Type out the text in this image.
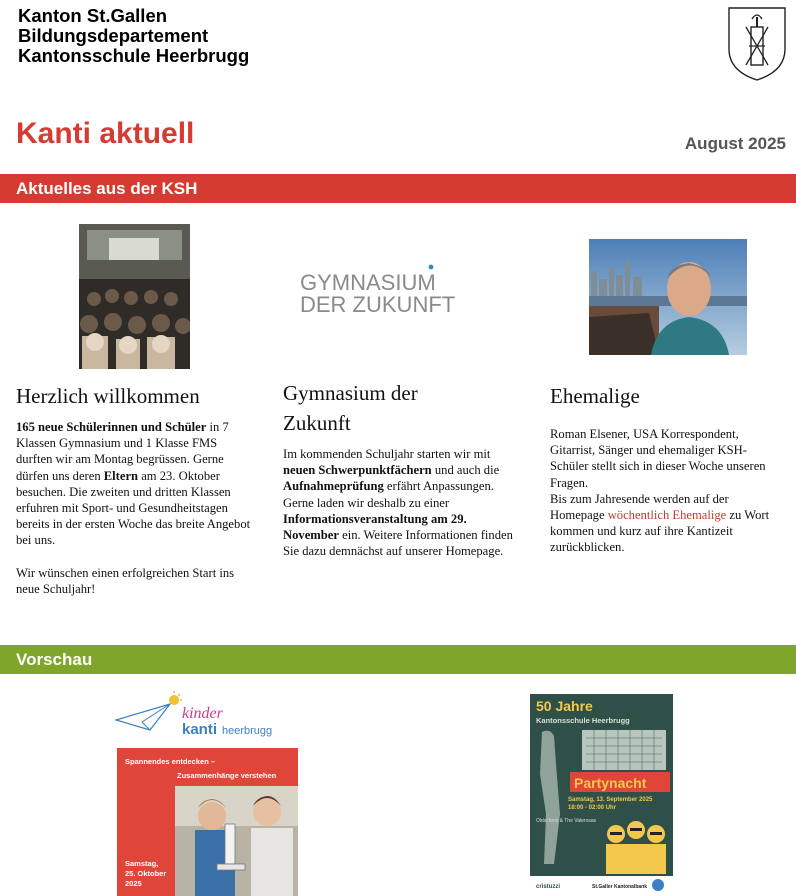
Kanton St.Gallen
Bildungsdepartement
Kantonsschule Heerbrugg
Kanti aktuell	August 2025
Aktuelles aus der KSH
Herzlich willkommen

165 neue Schülerinnen und Schüler in 7 Klassen Gymnasium und 1 Klasse FMS durften wir am Montag begrüssen. Gerne dürfen uns deren Eltern am 23. Oktober besuchen. Die zweiten und dritten Klassen erfuhren mit Sport- und Gesundheitstagen bereits in der ersten Woche das breite Angebot bei uns.

Wir wünschen einen erfolgreichen Start ins neue Schuljahr!

GYMNASIUM
DER ZUKUNFT
Gymnasium der Zukunft

Im kommenden Schuljahr starten wir mit neuen Schwerpunktfächern und auch die Aufnahmeprüfung erfährt Anpassungen. Gerne laden wir deshalb zu einer Informationsveranstaltung am 29. November ein. Weitere Informationen finden Sie dazu demnächst auf unserer Homepage.

Ehemalige

Roman Elsener, USA Korrespondent, Gitarrist, Sänger und ehemaliger KSH-Schüler stellt sich in dieser Woche unseren Fragen.

Bis zum Jahresende werden auf der Homepage wöchentlich Ehemalige zu Wort kommen und kurz auf ihre Kantizeit zurückblicken.

Vorschau
kinder
kanti heerbrugg
Spannendes entdecken –
Zusammenhänge verstehen
Samstag,
25. Oktober
2025
50 Jahre
Kantonsschule Heerbrugg
Partynacht
Samstag, 13. September 2025
18:00 - 02:00 Uhr
Oldschool & The Valerosas
cristuzzi	St.Galler Kantonalbank
